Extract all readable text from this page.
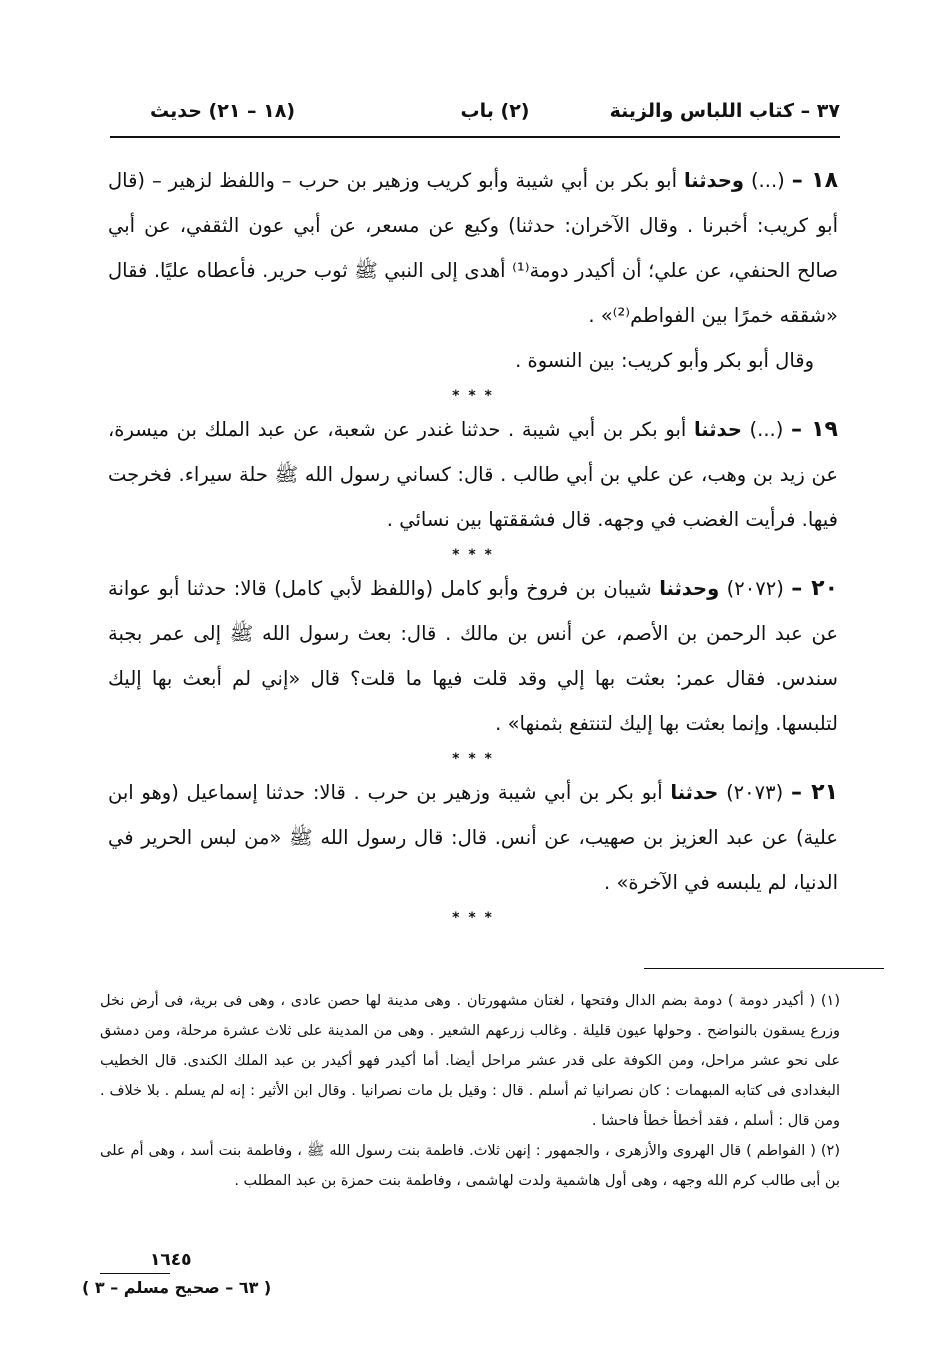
٣٧ – كتاب اللباس والزينة
(٢) باب
(١٨ – ٢١) حديث

١٨ – (...) وحدثنا أبو بكر بن أبي شيبة وأبو كريب وزهير بن حرب – واللفظ لزهير – (قال أبو كريب: أخبرنا . وقال الآخران: حدثنا) وكيع عن مسعر، عن أبي عون الثقفي، عن أبي صالح الحنفي، عن علي؛ أن أكيدر دومة⁽¹⁾ أهدى إلى النبي ﷺ ثوب حرير. فأعطاه عليًا. فقال «شققه خمرًا بين الفواطم⁽²⁾» .

وقال أبو بكر وأبو كريب: بين النسوة .

* * *

١٩ – (...) حدثنا أبو بكر بن أبي شيبة . حدثنا غندر عن شعبة، عن عبد الملك بن ميسرة، عن زيد بن وهب، عن علي بن أبي طالب . قال: كساني رسول الله ﷺ حلة سيراء. فخرجت فيها. فرأيت الغضب في وجهه. قال فشققتها بين نسائي .

* * *

٢٠ – (٢٠٧٢) وحدثنا شيبان بن فروخ وأبو كامل (واللفظ لأبي كامل) قالا: حدثنا أبو عوانة عن عبد الرحمن بن الأصم، عن أنس بن مالك . قال: بعث رسول الله ﷺ إلى عمر بجبة سندس. فقال عمر: بعثت بها إلي وقد قلت فيها ما قلت؟ قال «إني لم أبعث بها إليك لتلبسها. وإنما بعثت بها إليك لتنتفع بثمنها» .

* * *

٢١ – (٢٠٧٣) حدثنا أبو بكر بن أبي شيبة وزهير بن حرب . قالا: حدثنا إسماعيل (وهو ابن علية) عن عبد العزيز بن صهيب، عن أنس. قال: قال رسول الله ﷺ «من لبس الحرير في الدنيا، لم يلبسه في الآخرة» .

* * *

(١) ( أكيدر دومة ) دومة بضم الدال وفتحها ، لغتان مشهورتان . وهى مدينة لها حصن عادى ، وهى فى برية، فى أرض نخل وزرع يسقون بالنواضح . وحولها عيون قليلة . وغالب زرعهم الشعير . وهى من المدينة على ثلاث عشرة مرحلة، ومن دمشق على نحو عشر مراحل، ومن الكوفة على قدر عشر مراحل أيضا. أما أكيدر فهو أكيدر بن عبد الملك الكندى. قال الخطيب البغدادى فى كتابه المبهمات : كان نصرانيا ثم أسلم . قال : وقيل بل مات نصرانيا . وقال ابن الأثير : إنه لم يسلم . بلا خلاف . ومن قال : أسلم ، فقد أخطأ خطأ فاحشا .

(٢) ( الفواطم ) قال الهروى والأزهرى ، والجمهور : إنهن ثلاث. فاطمة بنت رسول الله ﷺ ، وفاطمة بنت أسد ، وهى أم على بن أبى طالب كرم الله وجهه ، وهى أول هاشمية ولدت لهاشمى ، وفاطمة بنت حمزة بن عبد المطلب .

١٦٤٥
( ٦٣ – صحيح مسلم – ٣ )
